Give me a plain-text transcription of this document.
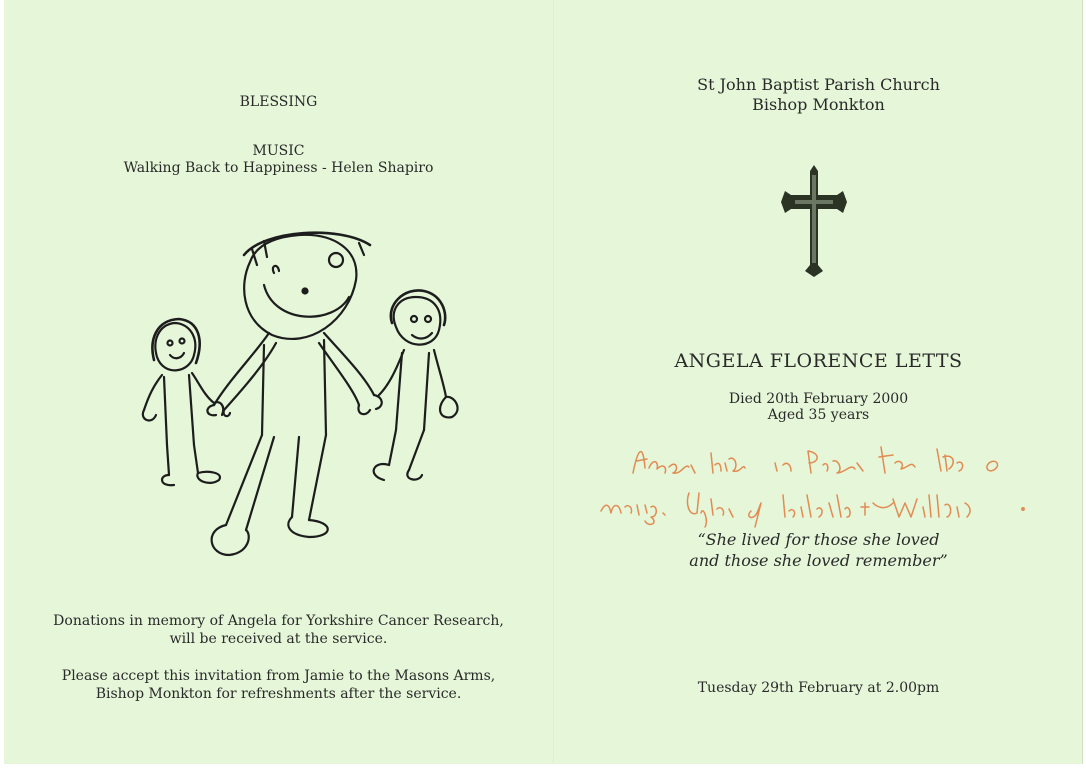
BLESSING
MUSIC
Walking Back to Happiness - Helen Shapiro
Donations in memory of Angela for Yorkshire Cancer Research,
will be received at the service.
Please accept this invitation from Jamie to the Masons Arms,
Bishop Monkton for refreshments after the service.
St John Baptist Parish Church
Bishop Monkton
ANGELA FLORENCE LETTS
Died 20th February 2000
Aged 35 years
“She lived for those she loved
and those she loved remember”
Tuesday 29th February at 2.00pm
